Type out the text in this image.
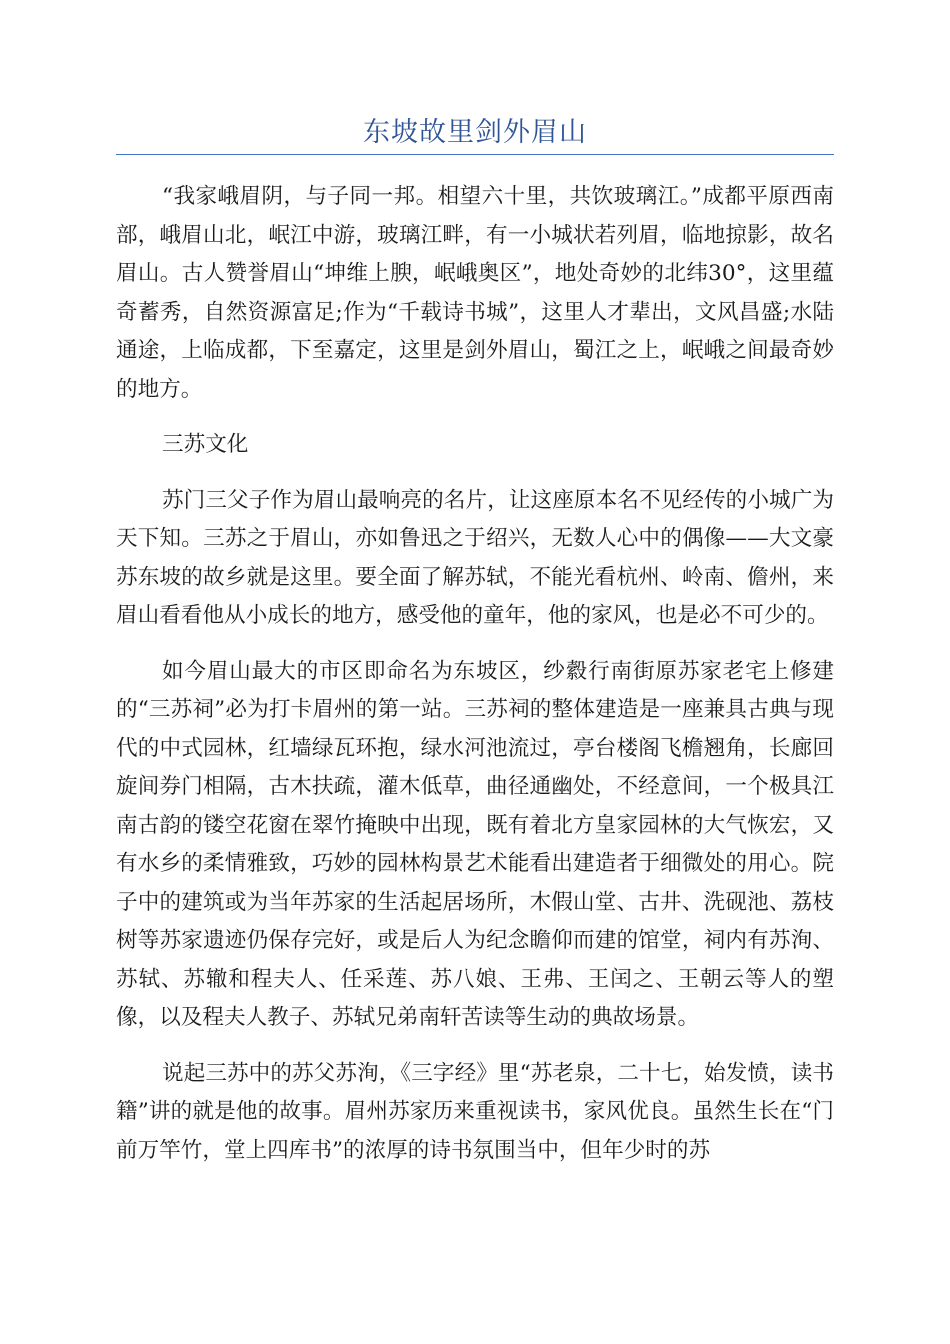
东坡故里剑外眉山

“我家峨眉阴，与子同一邦。相望六十里，共饮玻璃江。”成都平原西南部，峨眉山北，岷江中游，玻璃江畔，有一小城状若列眉，临地掠影，故名眉山。古人赞誉眉山“坤维上腴，岷峨奥区”，地处奇妙的北纬30°，这里蕴奇蓄秀，自然资源富足;作为“千载诗书城”，这里人才辈出，文风昌盛;水陆通途，上临成都，下至嘉定，这里是剑外眉山，蜀江之上，岷峨之间最奇妙的地方。

三苏文化

苏门三父子作为眉山最响亮的名片，让这座原本名不见经传的小城广为天下知。三苏之于眉山，亦如鲁迅之于绍兴，无数人心中的偶像——大文豪苏东坡的故乡就是这里。要全面了解苏轼，不能光看杭州、岭南、儋州，来眉山看看他从小成长的地方，感受他的童年，他的家风，也是必不可少的。

如今眉山最大的市区即命名为东坡区，纱縠行南街原苏家老宅上修建的“三苏祠”必为打卡眉州的第一站。三苏祠的整体建造是一座兼具古典与现代的中式园林，红墙绿瓦环抱，绿水河池流过，亭台楼阁飞檐翘角，长廊回旋间券门相隔，古木扶疏，灌木低草，曲径通幽处，不经意间，一个极具江南古韵的镂空花窗在翠竹掩映中出现，既有着北方皇家园林的大气恢宏，又有水乡的柔情雅致，巧妙的园林构景艺术能看出建造者于细微处的用心。院子中的建筑或为当年苏家的生活起居场所，木假山堂、古井、洗砚池、荔枝树等苏家遗迹仍保存完好，或是后人为纪念瞻仰而建的馆堂，祠内有苏洵、苏轼、苏辙和程夫人、任采莲、苏八娘、王弗、王闰之、王朝云等人的塑像，以及程夫人教子、苏轼兄弟南轩苦读等生动的典故场景。

说起三苏中的苏父苏洵，《三字经》里“苏老泉，二十七，始发愤，读书籍”讲的就是他的故事。眉州苏家历来重视读书，家风优良。虽然生长在“门前万竿竹，堂上四库书”的浓厚的诗书氛围当中，但年少时的苏
